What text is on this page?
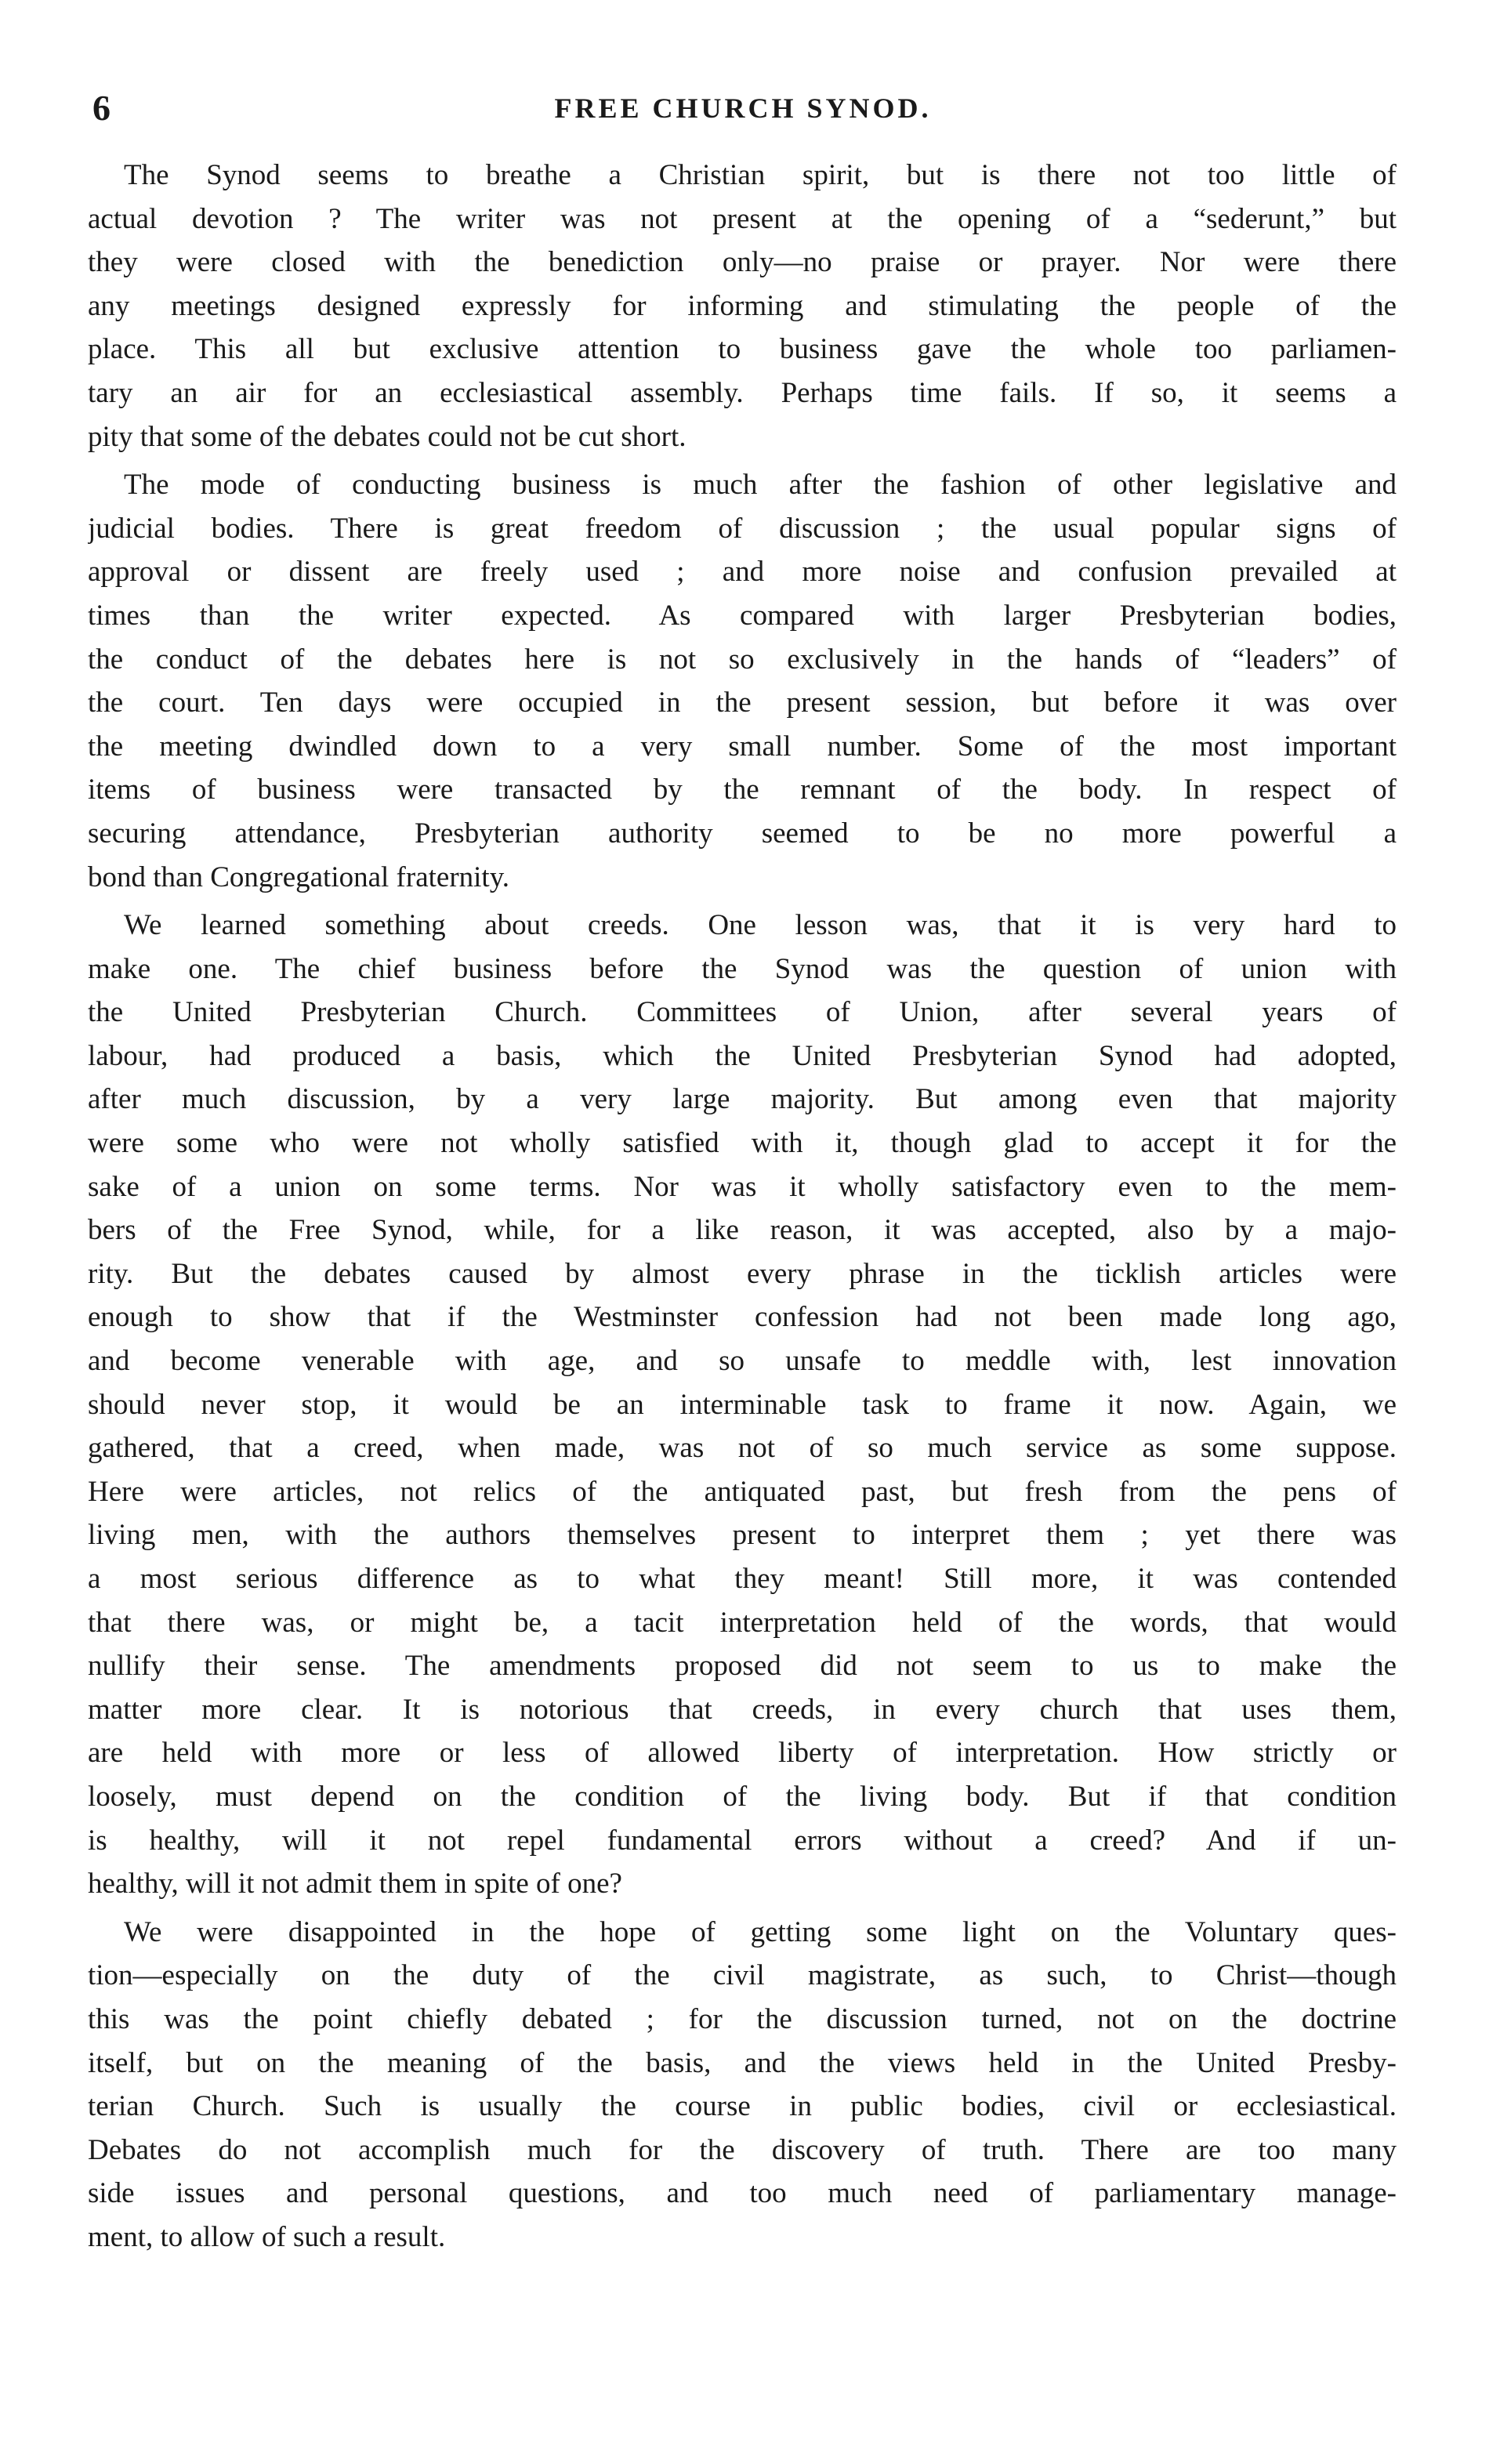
6	FREE CHURCH SYNOD.
The Synod seems to breathe a Christian spirit, but is there not too little of
actual devotion ? The writer was not present at the opening of a “sederunt,” but
they were closed with the benediction only—no praise or prayer. Nor were there
any meetings designed expressly for informing and stimulating the people of the
place. This all but exclusive attention to business gave the whole too parliamen-
tary an air for an ecclesiastical assembly. Perhaps time fails. If so, it seems a
pity that some of the debates could not be cut short.
The mode of conducting business is much after the fashion of other legislative and
judicial bodies. There is great freedom of discussion ; the usual popular signs of
approval or dissent are freely used ; and more noise and confusion prevailed at
times than the writer expected. As compared with larger Presbyterian bodies,
the conduct of the debates here is not so exclusively in the hands of “leaders” of
the court. Ten days were occupied in the present session, but before it was over
the meeting dwindled down to a very small number. Some of the most important
items of business were transacted by the remnant of the body. In respect of
securing attendance, Presbyterian authority seemed to be no more powerful a
bond than Congregational fraternity.
We learned something about creeds. One lesson was, that it is very hard to
make one. The chief business before the Synod was the question of union with
the United Presbyterian Church. Committees of Union, after several years of
labour, had produced a basis, which the United Presbyterian Synod had adopted,
after much discussion, by a very large majority. But among even that majority
were some who were not wholly satisfied with it, though glad to accept it for the
sake of a union on some terms. Nor was it wholly satisfactory even to the mem-
bers of the Free Synod, while, for a like reason, it was accepted, also by a majo-
rity. But the debates caused by almost every phrase in the ticklish articles were
enough to show that if the Westminster confession had not been made long ago,
and become venerable with age, and so unsafe to meddle with, lest innovation
should never stop, it would be an interminable task to frame it now. Again, we
gathered, that a creed, when made, was not of so much service as some suppose.
Here were articles, not relics of the antiquated past, but fresh from the pens of
living men, with the authors themselves present to interpret them ; yet there was
a most serious difference as to what they meant! Still more, it was contended
that there was, or might be, a tacit interpretation held of the words, that would
nullify their sense. The amendments proposed did not seem to us to make the
matter more clear. It is notorious that creeds, in every church that uses them,
are held with more or less of allowed liberty of interpretation. How strictly or
loosely, must depend on the condition of the living body. But if that condition
is healthy, will it not repel fundamental errors without a creed? And if un-
healthy, will it not admit them in spite of one?
We were disappointed in the hope of getting some light on the Voluntary ques-
tion—especially on the duty of the civil magistrate, as such, to Christ—though
this was the point chiefly debated ; for the discussion turned, not on the doctrine
itself, but on the meaning of the basis, and the views held in the United Presby-
terian Church. Such is usually the course in public bodies, civil or ecclesiastical.
Debates do not accomplish much for the discovery of truth. There are too many
side issues and personal questions, and too much need of parliamentary manage-
ment, to allow of such a result.
